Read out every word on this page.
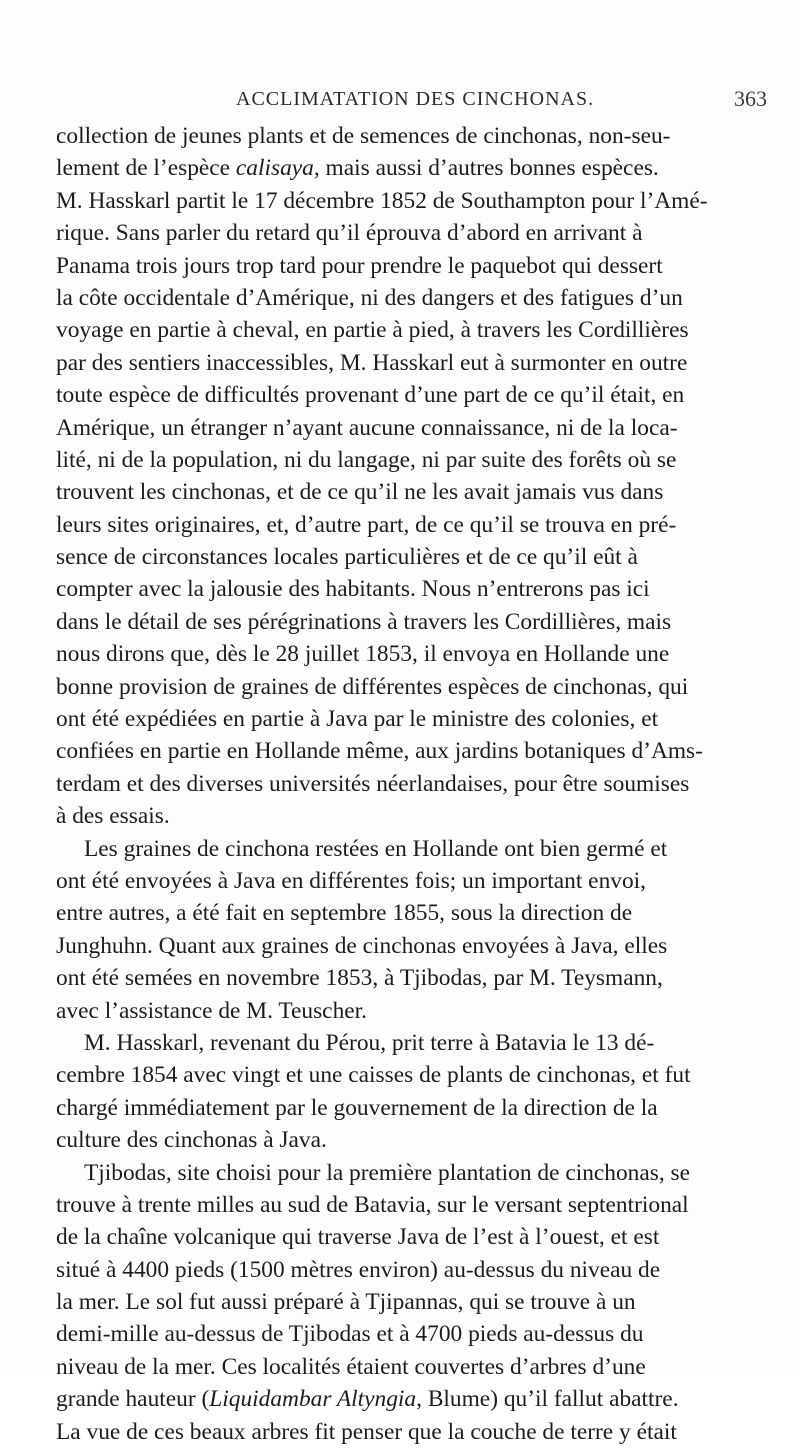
ACCLIMATATION DES CINCHONAS.	363
collection de jeunes plants et de semences de cinchonas, non-seu-
lement de l’espèce calisaya, mais aussi d’autres bonnes espèces.
M. Hasskarl partit le 17 décembre 1852 de Southampton pour l’Amé-
rique. Sans parler du retard qu’il éprouva d’abord en arrivant à
Panama trois jours trop tard pour prendre le paquebot qui dessert
la côte occidentale d’Amérique, ni des dangers et des fatigues d’un
voyage en partie à cheval, en partie à pied, à travers les Cordillières
par des sentiers inaccessibles, M. Hasskarl eut à surmonter en outre
toute espèce de difficultés provenant d’une part de ce qu’il était, en
Amérique, un étranger n’ayant aucune connaissance, ni de la loca-
lité, ni de la population, ni du langage, ni par suite des forêts où se
trouvent les cinchonas, et de ce qu’il ne les avait jamais vus dans
leurs sites originaires, et, d’autre part, de ce qu’il se trouva en pré-
sence de circonstances locales particulières et de ce qu’il eût à
compter avec la jalousie des habitants. Nous n’entrerons pas ici
dans le détail de ses pérégrinations à travers les Cordillières, mais
nous dirons que, dès le 28 juillet 1853, il envoya en Hollande une
bonne provision de graines de différentes espèces de cinchonas, qui
ont été expédiées en partie à Java par le ministre des colonies, et
confiées en partie en Hollande même, aux jardins botaniques d’Ams-
terdam et des diverses universités néerlandaises, pour être soumises
à des essais.
Les graines de cinchona restées en Hollande ont bien germé et
ont été envoyées à Java en différentes fois; un important envoi,
entre autres, a été fait en septembre 1855, sous la direction de
Junghuhn. Quant aux graines de cinchonas envoyées à Java, elles
ont été semées en novembre 1853, à Tjibodas, par M. Teysmann,
avec l’assistance de M. Teuscher.
M. Hasskarl, revenant du Pérou, prit terre à Batavia le 13 dé-
cembre 1854 avec vingt et une caisses de plants de cinchonas, et fut
chargé immédiatement par le gouvernement de la direction de la
culture des cinchonas à Java.
Tjibodas, site choisi pour la première plantation de cinchonas, se
trouve à trente milles au sud de Batavia, sur le versant septentrional
de la chaîne volcanique qui traverse Java de l’est à l’ouest, et est
situé à 4400 pieds (1500 mètres environ) au-dessus du niveau de
la mer. Le sol fut aussi préparé à Tjipannas, qui se trouve à un
demi-mille au-dessus de Tjibodas et à 4700 pieds au-dessus du
niveau de la mer. Ces localités étaient couvertes d’arbres d’une
grande hauteur (Liquidambar Altyngia, Blume) qu’il fallut abattre.
La vue de ces beaux arbres fit penser que la couche de terre y était
